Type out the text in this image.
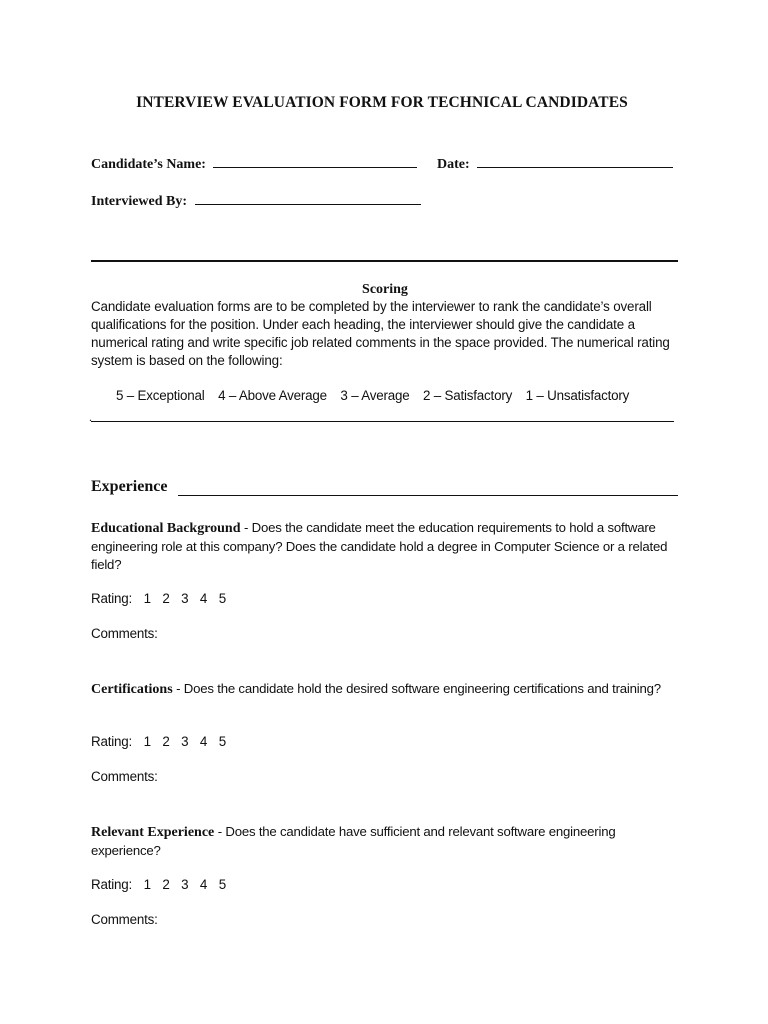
INTERVIEW EVALUATION FORM FOR TECHNICAL CANDIDATES
Candidate’s Name:	Date:
Interviewed By:
Scoring
Candidate evaluation forms are to be completed by the interviewer to rank the candidate’s overall qualifications for the position. Under each heading, the interviewer should give the candidate a numerical rating and write specific job related comments in the space provided. The numerical rating system is based on the following:
5 – Exceptional 4 – Above Average 3 – Average 2 – Satisfactory 1 – Unsatisfactory
.
Experience
Educational Background - Does the candidate meet the education requirements to hold a software engineering role at this company? Does the candidate hold a degree in Computer Science or a related field?
Rating: 1 2 3 4 5
Comments:
Certifications - Does the candidate hold the desired software engineering certifications and training?
Rating: 1 2 3 4 5
Comments:
Relevant Experience - Does the candidate have sufficient and relevant software engineering experience?
Rating: 1 2 3 4 5
Comments:
